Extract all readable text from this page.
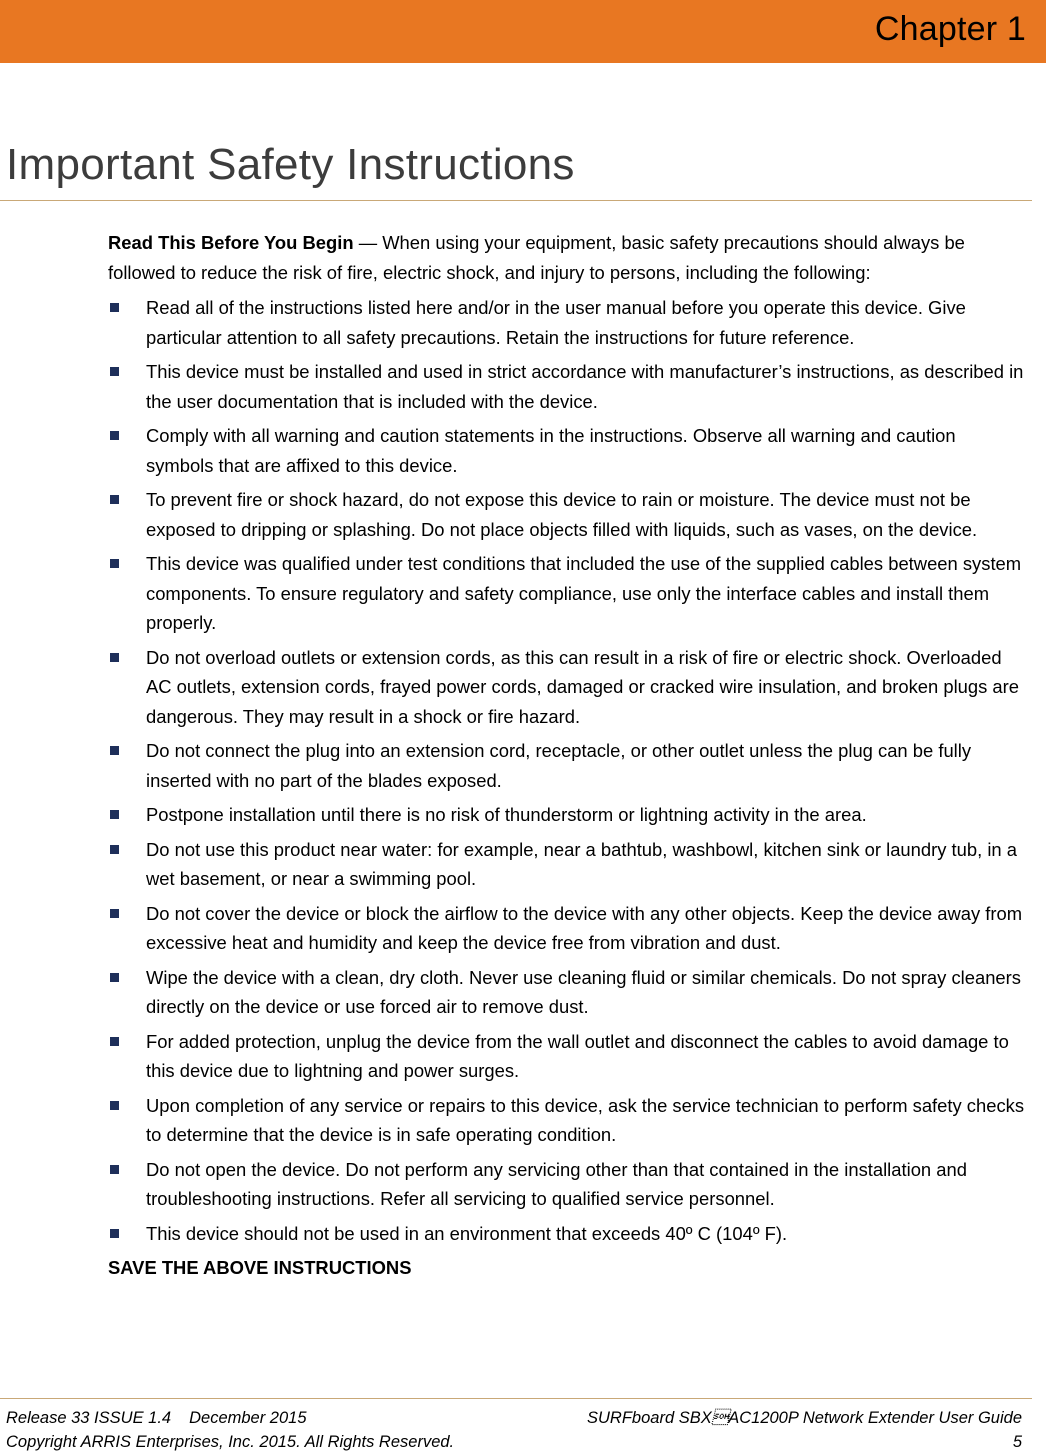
Chapter 1
Important Safety Instructions

Read This Before You Begin — When using your equipment, basic safety precautions should always be followed to reduce the risk of fire, electric shock, and injury to persons, including the following:

Read all of the instructions listed here and/or in the user manual before you operate this device. Give particular attention to all safety precautions. Retain the instructions for future reference.
This device must be installed and used in strict accordance with manufacturer’s instructions, as described in the user documentation that is included with the device.
Comply with all warning and caution statements in the instructions. Observe all warning and caution symbols that are affixed to this device.
To prevent fire or shock hazard, do not expose this device to rain or moisture. The device must not be exposed to dripping or splashing. Do not place objects filled with liquids, such as vases, on the device.
This device was qualified under test conditions that included the use of the supplied cables between system components. To ensure regulatory and safety compliance, use only the interface cables and install them properly.
Do not overload outlets or extension cords, as this can result in a risk of fire or electric shock. Overloaded AC outlets, extension cords, frayed power cords, damaged or cracked wire insulation, and broken plugs are dangerous. They may result in a shock or fire hazard.
Do not connect the plug into an extension cord, receptacle, or other outlet unless the plug can be fully inserted with no part of the blades exposed.
Postpone installation until there is no risk of thunderstorm or lightning activity in the area.
Do not use this product near water: for example, near a bathtub, washbowl, kitchen sink or laundry tub, in a wet basement, or near a swimming pool.
Do not cover the device or block the airflow to the device with any other objects. Keep the device away from excessive heat and humidity and keep the device free from vibration and dust.
Wipe the device with a clean, dry cloth. Never use cleaning fluid or similar chemicals. Do not spray cleaners directly on the device or use forced air to remove dust.
For added protection, unplug the device from the wall outlet and disconnect the cables to avoid damage to this device due to lightning and power surges.
Upon completion of any service or repairs to this device, ask the service technician to perform safety checks to determine that the device is in safe operating condition.
Do not open the device. Do not perform any servicing other than that contained in the installation and troubleshooting instructions. Refer all servicing to qualified service personnel.
This device should not be used in an environment that exceeds 40º C (104º F).

SAVE THE ABOVE INSTRUCTIONS

Release 33 ISSUE 1.4 December 2015	SURFboard SBXAC1200P Network Extender User Guide
Copyright ARRIS Enterprises, Inc. 2015. All Rights Reserved.	5
